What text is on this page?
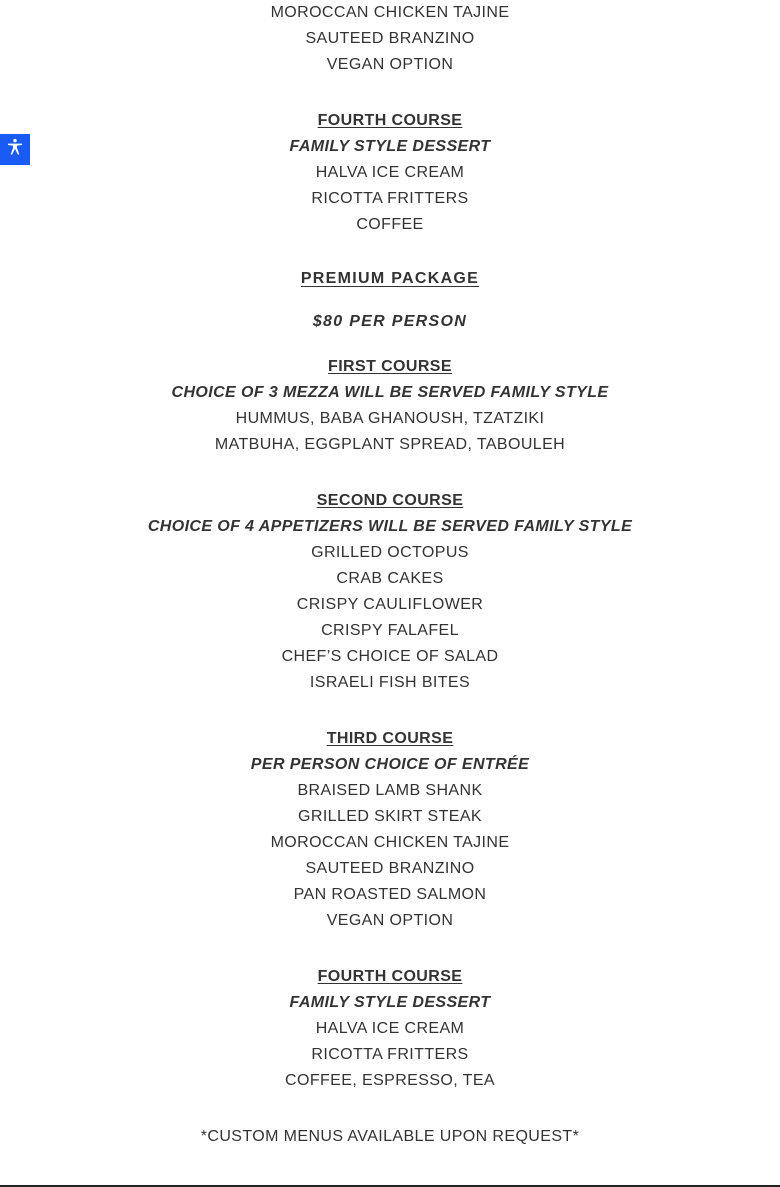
MOROCCAN CHICKEN TAJINE
SAUTEED BRANZINO
VEGAN OPTION
FOURTH COURSE
FAMILY STYLE DESSERT
HALVA ICE CREAM
RICOTTA FRITTERS
COFFEE
PREMIUM PACKAGE
$80 PER PERSON
FIRST COURSE
CHOICE OF 3 MEZZA WILL BE SERVED FAMILY STYLE
HUMMUS, BABA GHANOUSH, TZATZIKI
MATBUHA, EGGPLANT SPREAD, TABOULEH
SECOND COURSE
CHOICE OF 4 APPETIZERS WILL BE SERVED FAMILY STYLE
GRILLED OCTOPUS
CRAB CAKES
CRISPY CAULIFLOWER
CRISPY FALAFEL
CHEF’S CHOICE OF SALAD
ISRAELI FISH BITES
THIRD COURSE
PER PERSON CHOICE OF ENTRÉE
BRAISED LAMB SHANK
GRILLED SKIRT STEAK
MOROCCAN CHICKEN TAJINE
SAUTEED BRANZINO
PAN ROASTED SALMON
VEGAN OPTION
FOURTH COURSE
FAMILY STYLE DESSERT
HALVA ICE CREAM
RICOTTA FRITTERS
COFFEE, ESPRESSO, TEA
*CUSTOM MENUS AVAILABLE UPON REQUEST*
